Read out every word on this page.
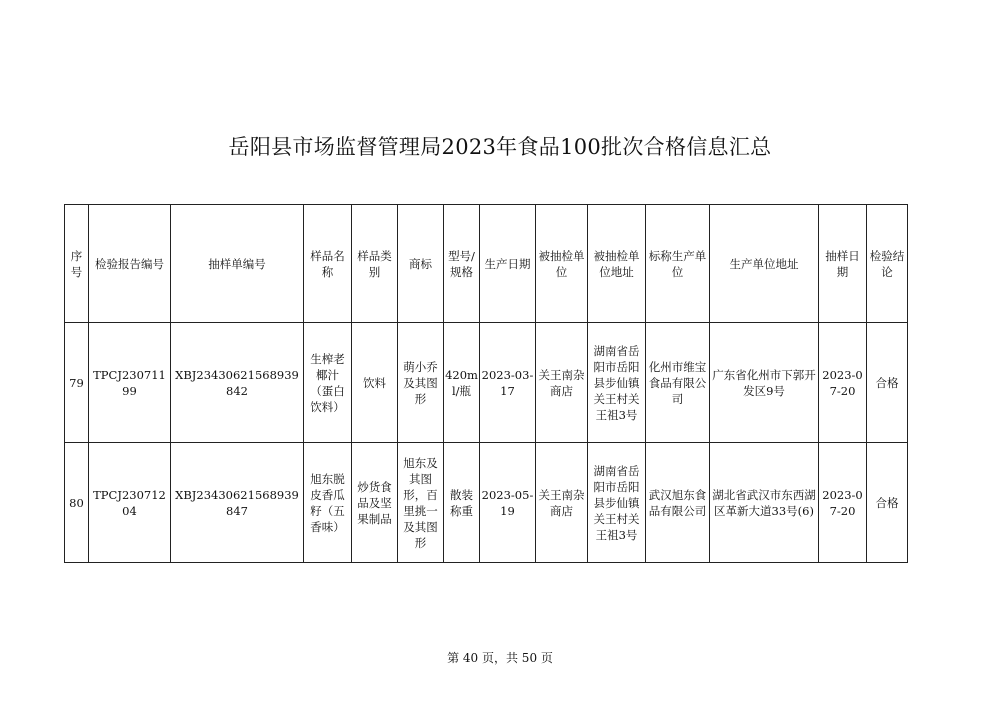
岳阳县市场监督管理局2023年食品100批次合格信息汇总
序号	检验报告编号	抽样单编号	样品名称	样品类别	商标	型号/规格	生产日期	被抽检单位	被抽检单位地址	标称生产单位	生产单位地址	抽样日期	检验结论
79	TPCJ23071199	XBJ23430621568939842	生榨老椰汁（蛋白饮料）	饮料	萌小乔及其图形	420ml/瓶	2023-03-17	关王南杂商店	湖南省岳阳市岳阳县步仙镇关王村关王祖3号	化州市维宝食品有限公司	广东省化州市下郭开发区9号	2023-07-20	合格
80	TPCJ23071204	XBJ23430621568939847	旭东脱皮香瓜籽（五香味）	炒货食品及坚果制品	旭东及其图形，百里挑一及其图形	散装称重	2023-05-19	关王南杂商店	湖南省岳阳市岳阳县步仙镇关王村关王祖3号	武汉旭东食品有限公司	湖北省武汉市东西湖区革新大道33号(6)	2023-07-20	合格
第 40 页，共 50 页
